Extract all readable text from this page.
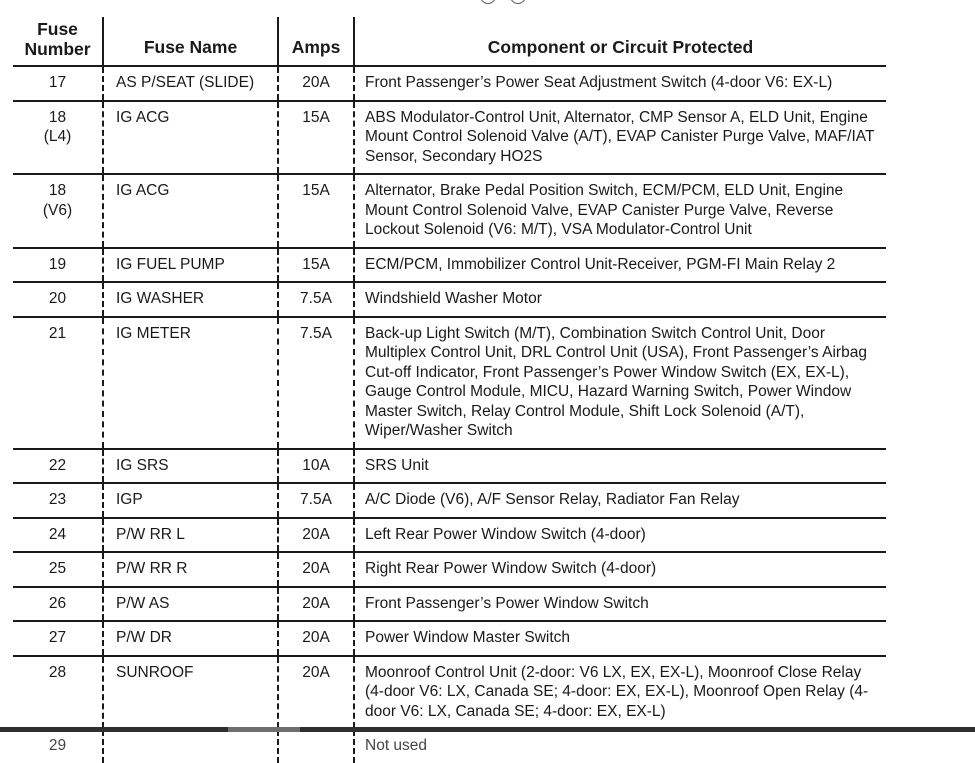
Fuse
Number	Fuse Name	Amps	Component or Circuit Protected
17	AS P/SEAT (SLIDE)	20A	Front Passenger’s Power Seat Adjustment Switch (4-door V6: EX-L)
18
(L4)	IG ACG	15A	ABS Modulator-Control Unit, Alternator, CMP Sensor A, ELD Unit, Engine Mount Control Solenoid Valve (A/T), EVAP Canister Purge Valve, MAF/IAT Sensor, Secondary HO2S
18
(V6)	IG ACG	15A	Alternator, Brake Pedal Position Switch, ECM/PCM, ELD Unit, Engine Mount Control Solenoid Valve, EVAP Canister Purge Valve, Reverse Lockout Solenoid (V6: M/T), VSA Modulator-Control Unit
19	IG FUEL PUMP	15A	ECM/PCM, Immobilizer Control Unit-Receiver, PGM-FI Main Relay 2
20	IG WASHER	7.5A	Windshield Washer Motor
21	IG METER	7.5A	Back-up Light Switch (M/T), Combination Switch Control Unit, Door Multiplex Control Unit, DRL Control Unit (USA), Front Passenger’s Airbag Cut-off Indicator, Front Passenger’s Power Window Switch (EX, EX-L), Gauge Control Module, MICU, Hazard Warning Switch, Power Window Master Switch, Relay Control Module, Shift Lock Solenoid (A/T), Wiper/Washer Switch
22	IG SRS	10A	SRS Unit
23	IGP	7.5A	A/C Diode (V6), A/F Sensor Relay, Radiator Fan Relay
24	P/W RR L	20A	Left Rear Power Window Switch (4-door)
25	P/W RR R	20A	Right Rear Power Window Switch (4-door)
26	P/W AS	20A	Front Passenger’s Power Window Switch
27	P/W DR	20A	Power Window Master Switch
28	SUNROOF	20A	Moonroof Control Unit (2-door: V6 LX, EX, EX-L), Moonroof Close Relay (4-door V6: LX, Canada SE; 4-door: EX, EX-L), Moonroof Open Relay (4-door V6: LX, Canada SE; 4-door: EX, EX-L)
29			Not used
